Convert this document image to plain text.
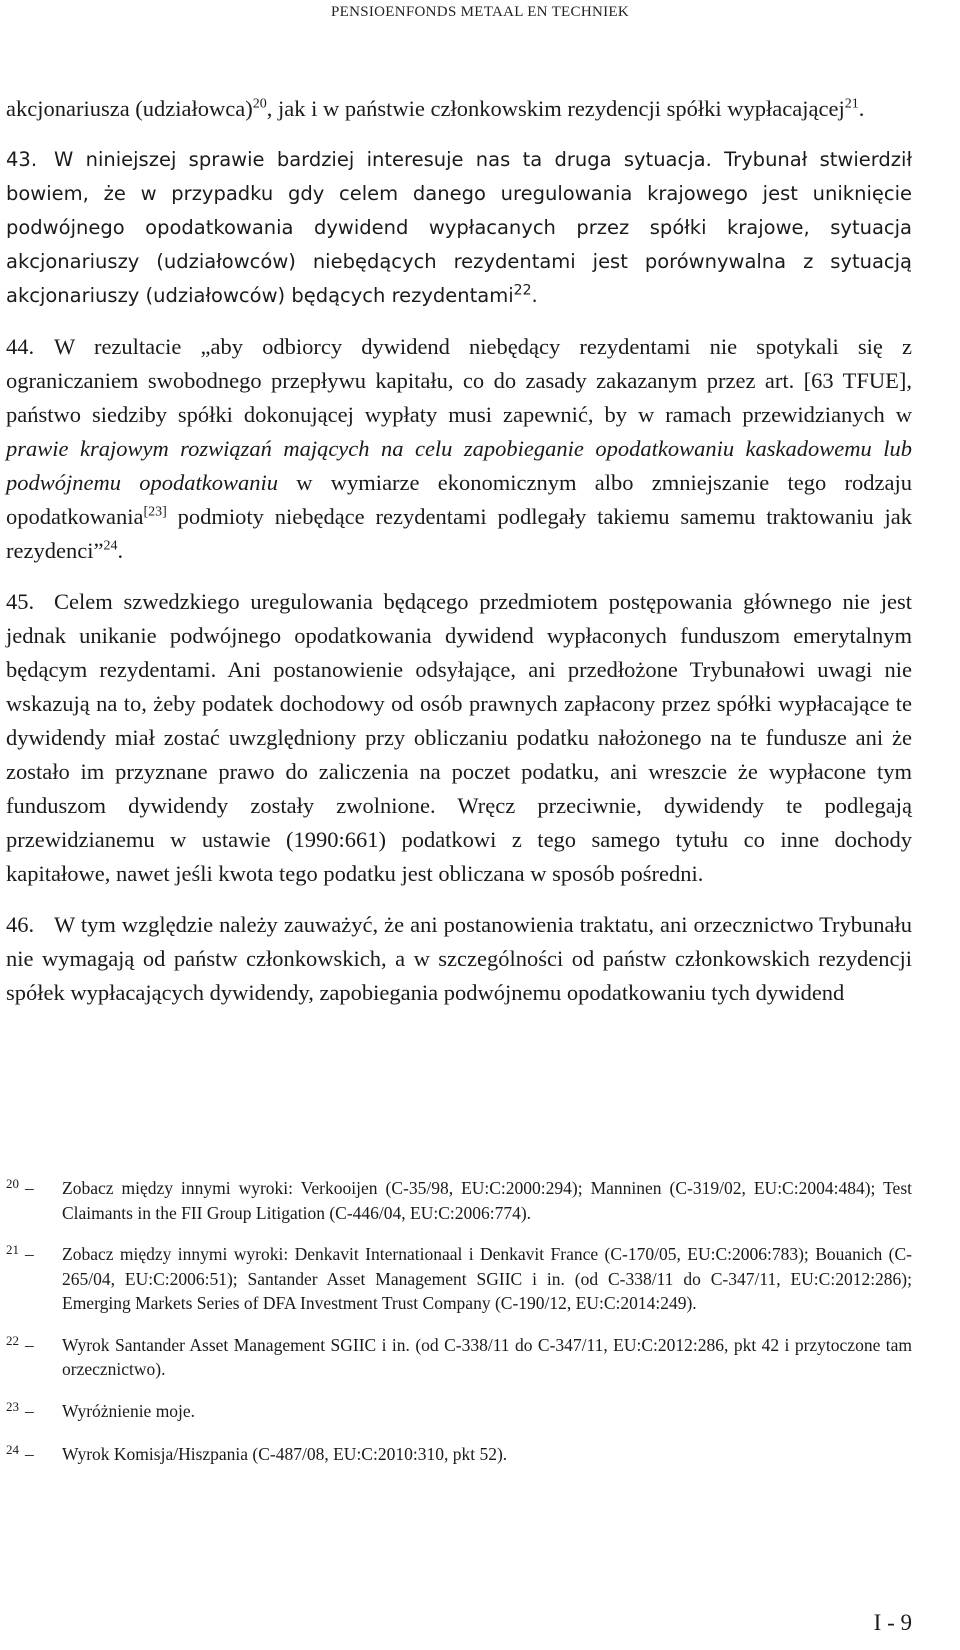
PENSIOENFONDS METAAL EN TECHNIEK

akcjonariusza (udziałowca)$^{20}$, jak i w państwie członkowskim rezydencji spółki wypłacającej$^{21}$.

43. W niniejszej sprawie bardziej interesuje nas ta druga sytuacja. Trybunał stwierdził bowiem, że w przypadku gdy celem danego uregulowania krajowego jest uniknięcie podwójnego opodatkowania dywidend wypłacanych przez spółki krajowe, sytuacja akcjonariuszy (udziałowców) niebędących rezydentami jest porównywalna z sytuacją akcjonariuszy (udziałowców) będących rezydentami$^{22}$.

44. W rezultacie „aby odbiorcy dywidend niebędący rezydentami nie spotykali się z ograniczaniem swobodnego przepływu kapitału, co do zasady zakazanym przez art. [63 TFUE], państwo siedziby spółki dokonującej wypłaty musi zapewnić, by w ramach przewidzianych w prawie krajowym rozwiązań mających na celu zapobieganie opodatkowaniu kaskadowemu lub podwójnemu opodatkowaniu w wymiarze ekonomicznym albo zmniejszanie tego rodzaju opodatkowania[23] podmioty niebędące rezydentami podlegały takiemu samemu traktowaniu jak rezydenci”$^{24}$.

45. Celem szwedzkiego uregulowania będącego przedmiotem postępowania głównego nie jest jednak unikanie podwójnego opodatkowania dywidend wypłaconych funduszom emerytalnym będącym rezydentami. Ani postanowienie odsyłające, ani przedłożone Trybunałowi uwagi nie wskazują na to, żeby podatek dochodowy od osób prawnych zapłacony przez spółki wypłacające te dywidendy miał zostać uwzględniony przy obliczaniu podatku nałożonego na te fundusze ani że zostało im przyznane prawo do zaliczenia na poczet podatku, ani wreszcie że wypłacone tym funduszom dywidendy zostały zwolnione. Wręcz przeciwnie, dywidendy te podlegają przewidzianemu w ustawie (1990:661) podatkowi z tego samego tytułu co inne dochody kapitałowe, nawet jeśli kwota tego podatku jest obliczana w sposób pośredni.

46. W tym względzie należy zauważyć, że ani postanowienia traktatu, ani orzecznictwo Trybunału nie wymagają od państw członkowskich, a w szczególności od państw członkowskich rezydencji spółek wypłacających dywidendy, zapobiegania podwójnemu opodatkowaniu tych dywidend

$^{20}$ –	Zobacz między innymi wyroki: Verkooijen (C-35/98, EU:C:2000:294); Manninen (C-319/02, EU:C:2004:484); Test Claimants in the FII Group Litigation (C-446/04, EU:C:2006:774).
$^{21}$ –	Zobacz między innymi wyroki: Denkavit Internationaal i Denkavit France (C-170/05, EU:C:2006:783); Bouanich (C-265/04, EU:C:2006:51); Santander Asset Management SGIIC i in. (od C-338/11 do C-347/11, EU:C:2012:286); Emerging Markets Series of DFA Investment Trust Company (C-190/12, EU:C:2014:249).
$^{22}$ –	Wyrok Santander Asset Management SGIIC i in. (od C-338/11 do C-347/11, EU:C:2012:286, pkt 42 i przytoczone tam orzecznictwo).
$^{23}$ –	Wyróżnienie moje.
$^{24}$ –	Wyrok Komisja/Hiszpania (C-487/08, EU:C:2010:310, pkt 52).
I - 9
